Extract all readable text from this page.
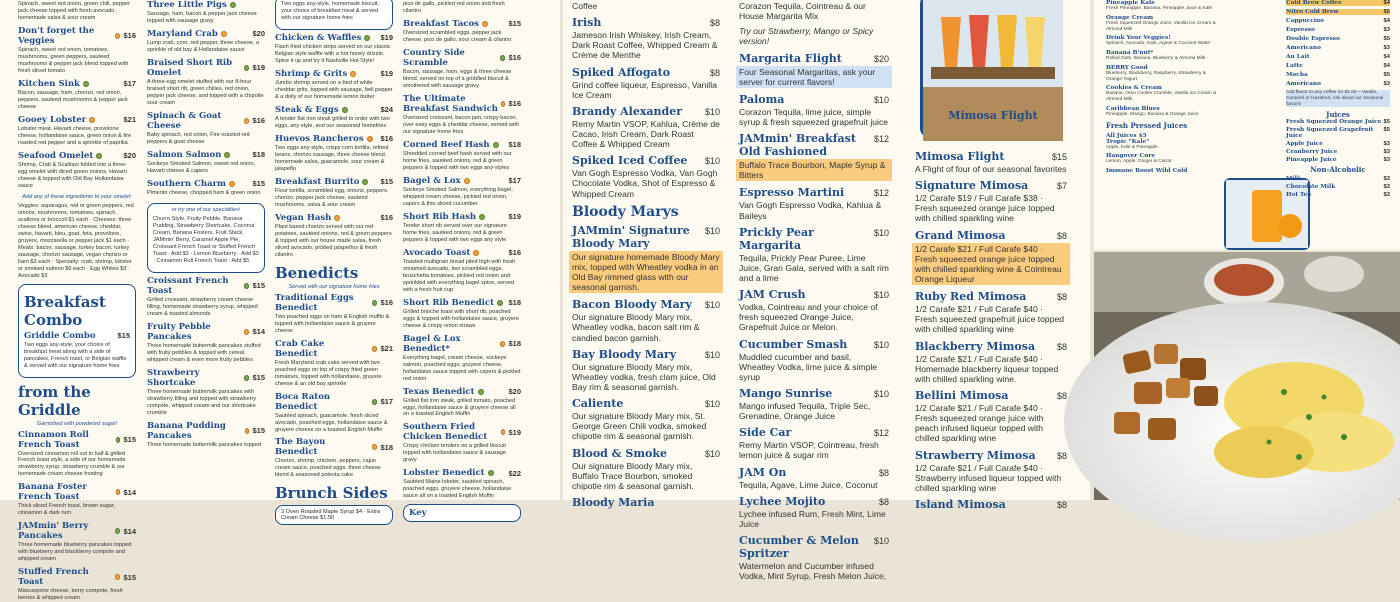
Spinach, sweet red onion, green chili, pepper jack cheese topped with fresh avocado, homemade salsa & sour cream
Don't forget the Veggies	$16
Spinach, sweet red onion, tomatoes, mushrooms, green peppers, sauteed mushrooms & pepper jack blend topped with fresh sliced tomato
Kitchen Sink	$17
Bacon, sausage, ham, chorizo, red onion, peppers, sauteed mushrooms & pepper jack cheese
Gooey Lobster	$21
Lobster meat, Havarti cheese, provolone cheese, hollandaise sauce, green onion & fire roasted red pepper and a sprinkle of paprika
Seafood Omelet	$20
Shrimp, Crab & Scallops folded into a three-egg omelet with diced green onions, Havarti cheese & topped with Old Bay Hollandaise sauce
Add any of these ingredients to your omelet:
Veggies: asparagus, red or green peppers, red onions, mushrooms, tomatoes, spinach, scallions or broccoli $1 each · Cheeses: three cheese blend, american cheese, cheddar, swiss, havarti, bleu, goat, feta, provolone, gruyere, mozzarella or pepper jack $1 each · Meats: bacon, sausage, turkey bacon, turkey sausage, chorizo sausage, vegan chorizo or ham $3 each · Specialty: crab, shrimp, lobster or smoked salmon $6 each · Egg Whites $3 · Avocado $3
Breakfast Combo
Griddle Combo	$15
Two eggs any-style, your choice of breakfast meat along with a side of pancakes, French toast, or Belgian waffle & served with our signature home fries
from the Griddle
Garnished with powdered sugar!
Cinnamon Roll French Toast	$15
Oversized cinnamon roll cut in half & grilled French toast style, a side of our homemade strawberry syrup, strawberry crumble & our homemade cream cheese frosting
Banana Foster French Toast	$14
Thick sliced French toast, brown sugar, cinnamon & dark rum
JAMmin' Berry Pancakes	$14
Three homemade blueberry pancakes topped with blueberry and blackberry compote and whipped cream
Stuffed French Toast	$15
Mascarpone cheese, berry compote, fresh berries & whipped cream
Three Little Pigs
Sausage, ham, bacon & pepper jack cheese topped with sausage gravy
Maryland Crab	$20
Lump crab, corn, red pepper, three cheese, a sprinkle of old bay & Hollandaise sauce
Braised Short Rib Omelet	$19
A three-egg omelet stuffed with our 8-hour braised short rib, green chilies, red onion, pepper jack cheese, and topped with a chipotle sour cream
Spinach & Goat Cheese	$16
Baby spinach, red onion, Fire roasted red peppers & goat cheese
Salmon Salmon	$18
Sockeye Smoked Salmon, sweet red onion, Havarti cheese & capers
Southern Charm	$15
Pimento cheese, chopped ham & green onion
or try one of our specialties!
Churro Style, Fruity Pebble, Banana Pudding, Strawberry Shortcake, Coconut Cream, Banana Fosters, Fruit Stack, JAMmin' Berry, Caramel Apple Pie, Croissant French Toast or Stuffed French Toast · Add $3 · Lemon Blueberry · Add $3 · Cinnamon Roll French Toast · Add $5
Croissant French Toast	$15
Grilled croissant, strawberry cream cheese filling, homemade strawberry syrup, whipped cream & toasted almonds
Fruity Pebble Pancakes	$14
Three homemade buttermilk pancakes stuffed with fruity pebbles & topped with cereal, whipped cream & even more fruity pebbles
Strawberry Shortcake	$15
Three homemade buttermilk pancakes with strawberry filling and topped with strawberry compote, whipped cream and our shortcake crumble
Banana Pudding Pancakes	$15
Three homemade buttermilk pancakes topped
Two eggs any-style, homemade biscuit, your choice of breakfast meat & served with our signature home fries
Chicken & Waffles	$19
Flash fried chicken strips served on our classic Belgian style waffle with a hot honey drizzle. Spice it up and try it Nashville Hot Style!
Shrimp & Grits	$19
Jumbo shrimp served on a bed of white cheddar grits, topped with sausage, bell pepper & a dolly of our homemade lemon butter
Steak & Eggs	$24
A tender flat iron steak grilled to order with two eggs, any style, and our seasoned homefries
Huevos Rancheros $16
Two eggs any-style, crispy corn tortilla, refried beans, chorizo sausage, three cheese blend, homemade salsa, guacamole, sour cream & jalapeño
Breakfast Burrito	$15
Flour tortilla, scrambled egg, onions, peppers, chorizo, pepper jack cheese, sauteed mushrooms, salsa & sour cream
Vegan Hash	$16
Plant based chorizo served with our red potatoes, sautéed onions, red & green peppers & topped with our house made salsa, fresh sliced avocado, pickled jalapeños & fresh cilantro
Benedicts
Served with our signature home fries
Traditional Eggs Benedict	$16
Two poached eggs on ham & English muffin & topped with hollandaise sauce & gruyere cheese
Crab Cake Benedict	$21
Fresh Maryland crab cake served with two poached eggs on top of crispy fried green tomatoes, topped with hollandaise, gruyere cheese & an old bay sprinkle
Boca Raton Benedict	$17
Sautéed spinach, guacamole, fresh sliced avocado, poached eggs, hollandaise sauce & gruyere cheese on a toasted English Muffin
The Bayou Benedict	$18
Chorizo, shrimp, chicken, peppers, cajun cream sauce, poached eggs, three cheese blend & seasoned polenta cake
Brunch Sides
3 Oven Roasted Maple Syrup $4 · Extra Cream Cheese $1.50
pico de gallo, pickled red onion and fresh cilantro
Breakfast Tacos	$15
Oversized scrambled eggs, pepper jack cheese, pico de gallo, sour cream & cilantro
Country Side Scramble	$16
Bacon, sausage, ham, eggs & three cheese blend, served on top of a griddled biscuit & smothered with sausage gravy
The Ultimate Breakfast Sandwich $16
Oversized croissant, bacon jam, crispy bacon, over easy eggs & cheddar cheese, served with our signature home fries
Corned Beef Hash	$18
Shredded corned beef hash served with our home fries, sautéed onions, red & green peppers & topped with two eggs any-styles
Bagel & Lox	$17
Sockeye Smoked Salmon, everything bagel, whipped cream cheese, pickled red onion, capers & thin sliced cucumber
Short Rib Hash	$19
Tender short rib served over our signature home fries, sautéed onions, red & green peppers & topped with two eggs any style
Avocado Toast	$16
Toasted multigrain bread piled high with fresh smashed avocado, two scrambled eggs, bruschetta tomatoes, pickled red onion and sprinkled with everything bagel spice, served with a fresh fruit cup
Short Rib Benedict $18
Grilled brioche toast with short rib, poached eggs & topped with hollandaise sauce, gruyere cheese & crispy onion straws
Bagel & Lox Benedict*	$18
Everything bagel, cream cheese, sockeye salmon, poached eggs, gruyere cheese, hollandaise sauce topped with capers & pickled red onion
Texas Benedict	$20
Grilled flat iron steak, grilled tomato, poached eggs, hollandaise sauce & gruyere cheese all on a toasted English Muffin
Southern Fried Chicken Benedict	$19
Crispy chicken tenders on a grilled biscuit topped with hollandaise sauce & sausage gravy
Lobster Benedict	$22
Sautéed Maine lobster, sautéed spinach, poached eggs, gruyere cheese, hollandaise sauce all on a toasted English Muffin
Key
Coffee
Irish	$8
Jameson Irish Whiskey, Irish Cream, Dark Roast Coffee, Whipped Cream & Crème de Menthe
Spiked Affogato	$8
Grind coffee liqueur, Espresso, Vanilla Ice Cream
Brandy Alexander	$10
Remy Martin VSOP, Kahlua, Crème de Cacao, Irish Cream, Dark Roast Coffee & Whipped Cream
Spiked Iced Coffee $10
Van Gogh Espresso Vodka, Van Gogh Chocolate Vodka, Shot of Espresso & Whipped Cream
Bloody Marys
JAMmin' Signature Bloody Mary
$10
Our signature homemade Bloody Mary mix, topped with Wheatley vodka in an Old Bay rimmed glass with our seasonal garnish.
Bacon Bloody Mary $10
Our signature Bloody Mary mix, Wheatley vodka, bacon salt rim & candied bacon garnish.
Bay Bloody Mary	$10
Our signature Bloody Mary mix, Wheatley vodka, fresh clam juice, Old Bay rim & seasonal garnish.
Caliente	$10
Our signature Bloody Mary mix, St. George Green Chili vodka, smoked chipotle rim & seasonal garnish.
Blood & Smoke	$10
Our signature Bloody Mary mix, Buffalo Trace Bourbon, smoked chipotle rim & seasonal garnish.
Bloody Maria
Corazon Tequila, Cointreau & our House Margarita Mix
Try our Strawberry, Mango or Spicy version!
Margarita Flight	$20
Four Seasonal Margaritas, ask your server for current flavors!
Paloma	$10
Corazon Tequila, lime juice, simple syrup & fresh squeezed grapefruit juice
JAMmin' Breakfast Old Fashioned
$12
Buffalo Trace Bourbon, Maple Syrup & Bitters
Espresso Martini	$12
Van Gogh Espresso Vodka, Kahlua & Baileys
Prickly Pear Margarita
$10
Tequila, Prickly Pear Puree, Lime Juice, Gran Gala, served with a salt rim and a lime
JAM Crush	$10
Vodka, Cointreau and your choice of fresh squeezed Orange Juice, Grapefruit Juice or Melon.
Cucumber Smash	$10
Muddled cucumber and basil, Wheatley Vodka, lime juice & simple syrup
Mango Sunrise	$10
Mango infused Tequila, Triple Sec, Grenadine, Orange Juice
Side Car	$12
Remy Martin VSOP, Cointreau, fresh lemon juice & sugar rim
JAM On	$8
Tequila, Agave, Lime Juice, Coconut
Lychee Mojito	$8
Lychee infused Rum, Fresh Mint, Lime Juice
Cucumber & Melon Spritzer
$10
Watermelon and Cucumber infused Vodka, Mint Syrup, Fresh Melon Juice,
Mimosa Flight
Mimosa Flight	$15
A Flight of four of our seasonal favorites
Signature Mimosa	$7
1/2 Carafe $19 / Full Carafe $38 · Fresh squeezed orange juice topped with chilled sparkling wine
Grand Mimosa	$8
1/2 Carafe $21 / Full Carafe $40 · Fresh squeezed orange juice topped with chilled sparkling wine & Cointreau Orange Liqueur
Ruby Red Mimosa	$8
1/2 Carafe $21 / Full Carafe $40 · Fresh squeezed grapefruit juice topped with chilled sparkling wine
Blackberry Mimosa $8
1/2 Carafe $21 / Full Carafe $40 · Homemade blackberry liqueur topped with chilled sparkling wine.
Bellini Mimosa	$8
1/2 Carafe $21 / Full Carafe $40 · Fresh squeezed orange juice with peach infused liqueur topped with chilled sparkling wine
Strawberry Mimosa $8
1/2 Carafe $21 / Full Carafe $40 · Strawberry infused liqueur topped with chilled sparkling wine
Island Mimosa	$8
Pineapple Kale
Fresh Pineapple, Banana, Pineapple Juice & Kale
Orange Cream
Fresh Squeezed Orange Juice, Vanilla Ice Cream & Almond Milk
Drink Your Veggies!
Spinach, Avocado, Kale, Agave & Coconut Water
Banana B'nut*
Rolled Oats, Banana, Blueberry & Almond Milk
BERRY Good
Blueberry, Blackberry, Raspberry, Strawberry & Orange Yogurt
Cookies & Cream
Banana, Oreo Cookie Crumble, Vanilla Ice Cream & Almond Milk
Caribbean Blues
Pineapple, Mango, Banana & Orange Juice
Fresh Pressed Juices
All Juices $5
Tropic "Kale"
Apple, Kale & Pineapple
Hangover Cure
Lemon, Apple, Ginger & Carrot
Immune Boost Wild Cold
Cold Brew Coffee	$4
Nitro Cold Brew	$5
Cappuccino	$4
Espresso	$3
Double Espresso	$5
Americano	$3
Au Lait	$4
Latte	$4
Mocha	$5
Americano	$3
Add flavor to any coffee for $1.00 – Vanilla, Caramel or Hazelnut. Ask about our Seasonal flavors!
Juices
Fresh Squeezed Orange Juice $5
Fresh Squeezed Grapefruit Juice
$5
Apple Juice	$3
Cranberry Juice	$3
Pineapple Juice	$3
Non-Alcoholic
Milk	$3
Chocolate Milk	$3
Hot Tea	$3
